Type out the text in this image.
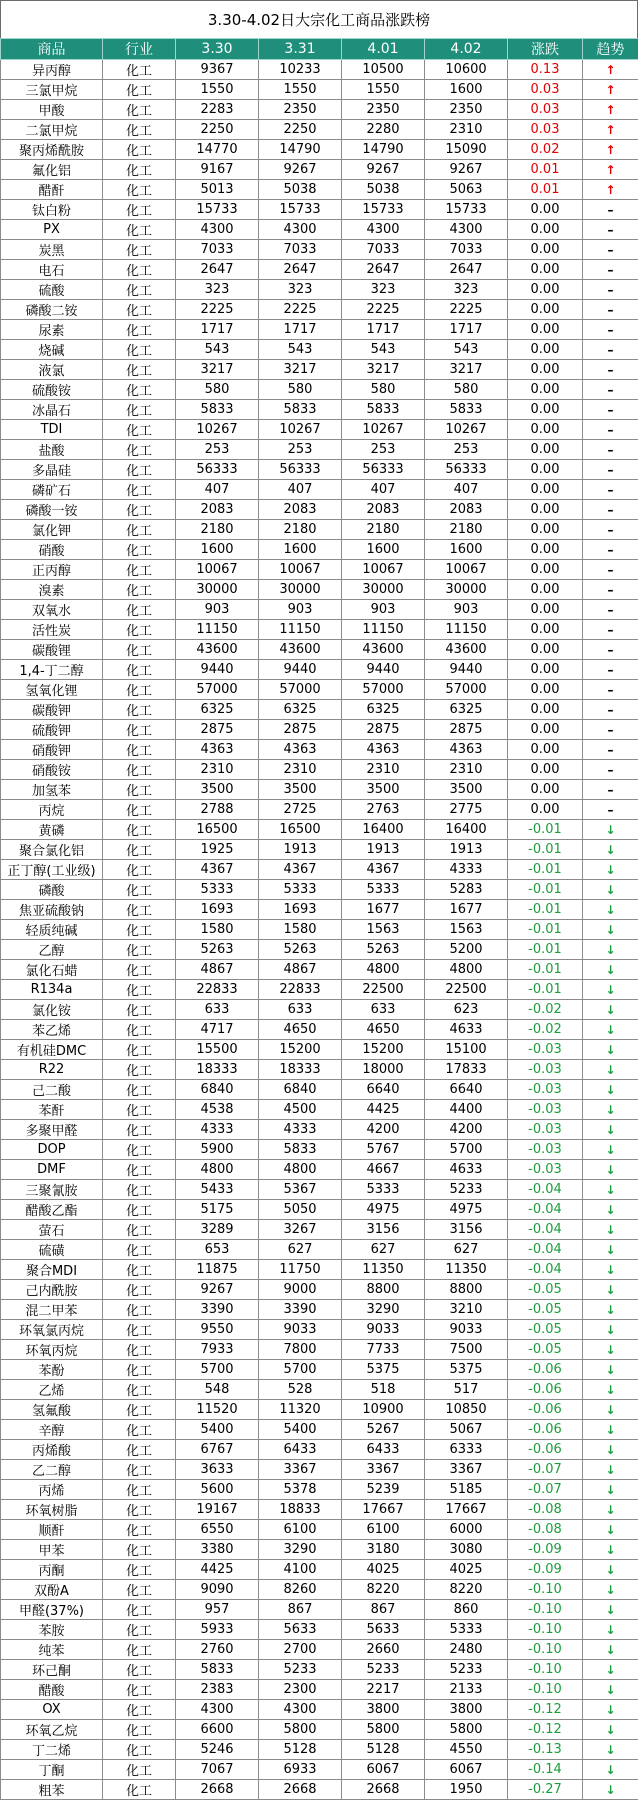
3.30-4.02日大宗化工商品涨跌榜
商品	行业	3.30	3.31	4.01	4.02	涨跌	趋势
异丙醇	化工	9367	10233	10500	10600	0.13	↑
三氯甲烷	化工	1550	1550	1550	1600	0.03	↑
甲酸	化工	2283	2350	2350	2350	0.03	↑
二氯甲烷	化工	2250	2250	2280	2310	0.03	↑
聚丙烯酰胺	化工	14770	14790	14790	15090	0.02	↑
氟化铝	化工	9167	9267	9267	9267	0.01	↑
醋酐	化工	5013	5038	5038	5063	0.01	↑
钛白粉	化工	15733	15733	15733	15733	0.00	–
PX	化工	4300	4300	4300	4300	0.00	–
炭黑	化工	7033	7033	7033	7033	0.00	–
电石	化工	2647	2647	2647	2647	0.00	–
硫酸	化工	323	323	323	323	0.00	–
磷酸二铵	化工	2225	2225	2225	2225	0.00	–
尿素	化工	1717	1717	1717	1717	0.00	–
烧碱	化工	543	543	543	543	0.00	–
液氯	化工	3217	3217	3217	3217	0.00	–
硫酸铵	化工	580	580	580	580	0.00	–
冰晶石	化工	5833	5833	5833	5833	0.00	–
TDI	化工	10267	10267	10267	10267	0.00	–
盐酸	化工	253	253	253	253	0.00	–
多晶硅	化工	56333	56333	56333	56333	0.00	–
磷矿石	化工	407	407	407	407	0.00	–
磷酸一铵	化工	2083	2083	2083	2083	0.00	–
氯化钾	化工	2180	2180	2180	2180	0.00	–
硝酸	化工	1600	1600	1600	1600	0.00	–
正丙醇	化工	10067	10067	10067	10067	0.00	–
溴素	化工	30000	30000	30000	30000	0.00	–
双氧水	化工	903	903	903	903	0.00	–
活性炭	化工	11150	11150	11150	11150	0.00	–
碳酸锂	化工	43600	43600	43600	43600	0.00	–
1,4-丁二醇	化工	9440	9440	9440	9440	0.00	–
氢氧化锂	化工	57000	57000	57000	57000	0.00	–
碳酸钾	化工	6325	6325	6325	6325	0.00	–
硫酸钾	化工	2875	2875	2875	2875	0.00	–
硝酸钾	化工	4363	4363	4363	4363	0.00	–
硝酸铵	化工	2310	2310	2310	2310	0.00	–
加氢苯	化工	3500	3500	3500	3500	0.00	–
丙烷	化工	2788	2725	2763	2775	0.00	–
黄磷	化工	16500	16500	16400	16400	-0.01	↓
聚合氯化铝	化工	1925	1913	1913	1913	-0.01	↓
正丁醇(工业级)	化工	4367	4367	4367	4333	-0.01	↓
磷酸	化工	5333	5333	5333	5283	-0.01	↓
焦亚硫酸钠	化工	1693	1693	1677	1677	-0.01	↓
轻质纯碱	化工	1580	1580	1563	1563	-0.01	↓
乙醇	化工	5263	5263	5263	5200	-0.01	↓
氯化石蜡	化工	4867	4867	4800	4800	-0.01	↓
R134a	化工	22833	22833	22500	22500	-0.01	↓
氯化铵	化工	633	633	633	623	-0.02	↓
苯乙烯	化工	4717	4650	4650	4633	-0.02	↓
有机硅DMC	化工	15500	15200	15200	15100	-0.03	↓
R22	化工	18333	18333	18000	17833	-0.03	↓
己二酸	化工	6840	6840	6640	6640	-0.03	↓
苯酐	化工	4538	4500	4425	4400	-0.03	↓
多聚甲醛	化工	4333	4333	4200	4200	-0.03	↓
DOP	化工	5900	5833	5767	5700	-0.03	↓
DMF	化工	4800	4800	4667	4633	-0.03	↓
三聚氰胺	化工	5433	5367	5333	5233	-0.04	↓
醋酸乙酯	化工	5175	5050	4975	4975	-0.04	↓
萤石	化工	3289	3267	3156	3156	-0.04	↓
硫磺	化工	653	627	627	627	-0.04	↓
聚合MDI	化工	11875	11750	11350	11350	-0.04	↓
己内酰胺	化工	9267	9000	8800	8800	-0.05	↓
混二甲苯	化工	3390	3390	3290	3210	-0.05	↓
环氧氯丙烷	化工	9550	9033	9033	9033	-0.05	↓
环氧丙烷	化工	7933	7800	7733	7500	-0.05	↓
苯酚	化工	5700	5700	5375	5375	-0.06	↓
乙烯	化工	548	528	518	517	-0.06	↓
氢氟酸	化工	11520	11320	10900	10850	-0.06	↓
辛醇	化工	5400	5400	5267	5067	-0.06	↓
丙烯酸	化工	6767	6433	6433	6333	-0.06	↓
乙二醇	化工	3633	3367	3367	3367	-0.07	↓
丙烯	化工	5600	5378	5239	5185	-0.07	↓
环氧树脂	化工	19167	18833	17667	17667	-0.08	↓
顺酐	化工	6550	6100	6100	6000	-0.08	↓
甲苯	化工	3380	3290	3180	3080	-0.09	↓
丙酮	化工	4425	4100	4025	4025	-0.09	↓
双酚A	化工	9090	8260	8220	8220	-0.10	↓
甲醛(37%)	化工	957	867	867	860	-0.10	↓
苯胺	化工	5933	5633	5633	5333	-0.10	↓
纯苯	化工	2760	2700	2660	2480	-0.10	↓
环己酮	化工	5833	5233	5233	5233	-0.10	↓
醋酸	化工	2383	2300	2217	2133	-0.10	↓
OX	化工	4300	4300	3800	3800	-0.12	↓
环氧乙烷	化工	6600	5800	5800	5800	-0.12	↓
丁二烯	化工	5246	5128	5128	4550	-0.13	↓
丁酮	化工	7067	6933	6067	6067	-0.14	↓
粗苯	化工	2668	2668	2668	1950	-0.27	↓
